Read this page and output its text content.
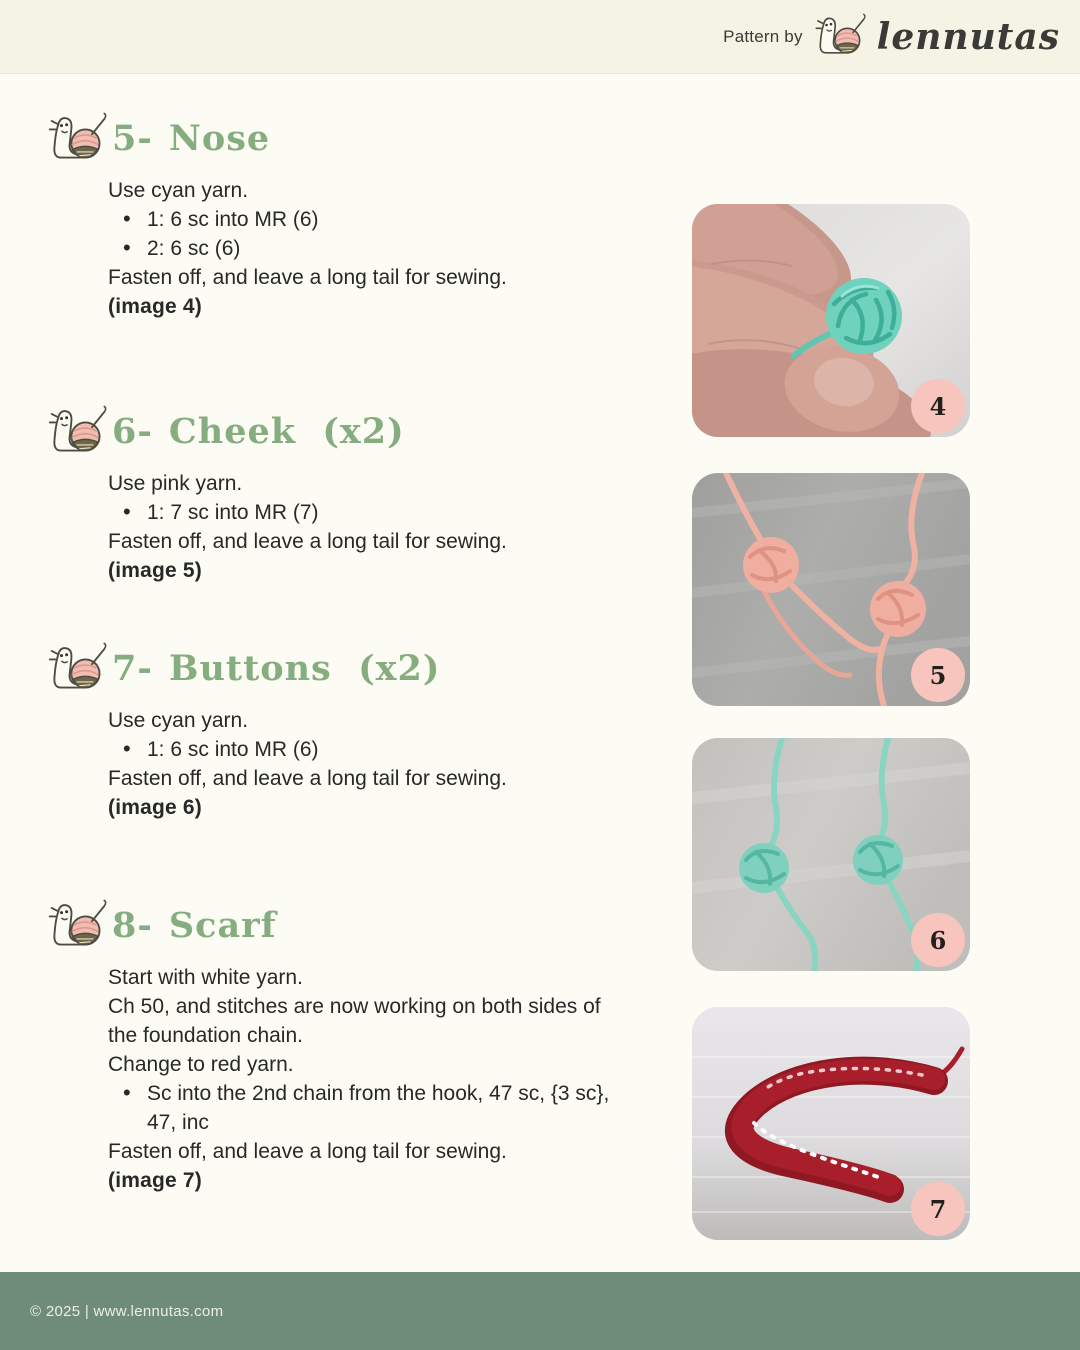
Pattern by lennutas
5- Nose

Use cyan yarn.

• 1: 6 sc into MR (6)
• 2: 6 sc (6)

Fasten off, and leave a long tail for sewing.

(image 4)

6- Cheek  (x2)

Use pink yarn.

• 1: 7 sc into MR (7)

Fasten off, and leave a long tail for sewing.

(image 5)

7- Buttons  (x2)

Use cyan yarn.

• 1: 6 sc into MR (6)

Fasten off, and leave a long tail for sewing.

(image 6)

8- Scarf

Start with white yarn.

Ch 50, and stitches are now working on both sides of the foundation chain.

Change to red yarn.

• Sc into the 2nd chain from the hook, 47 sc, {3 sc}, 47, inc

Fasten off, and leave a long tail for sewing.

(image 7)

4
5
6
7
© 2025 | www.lennutas.com
